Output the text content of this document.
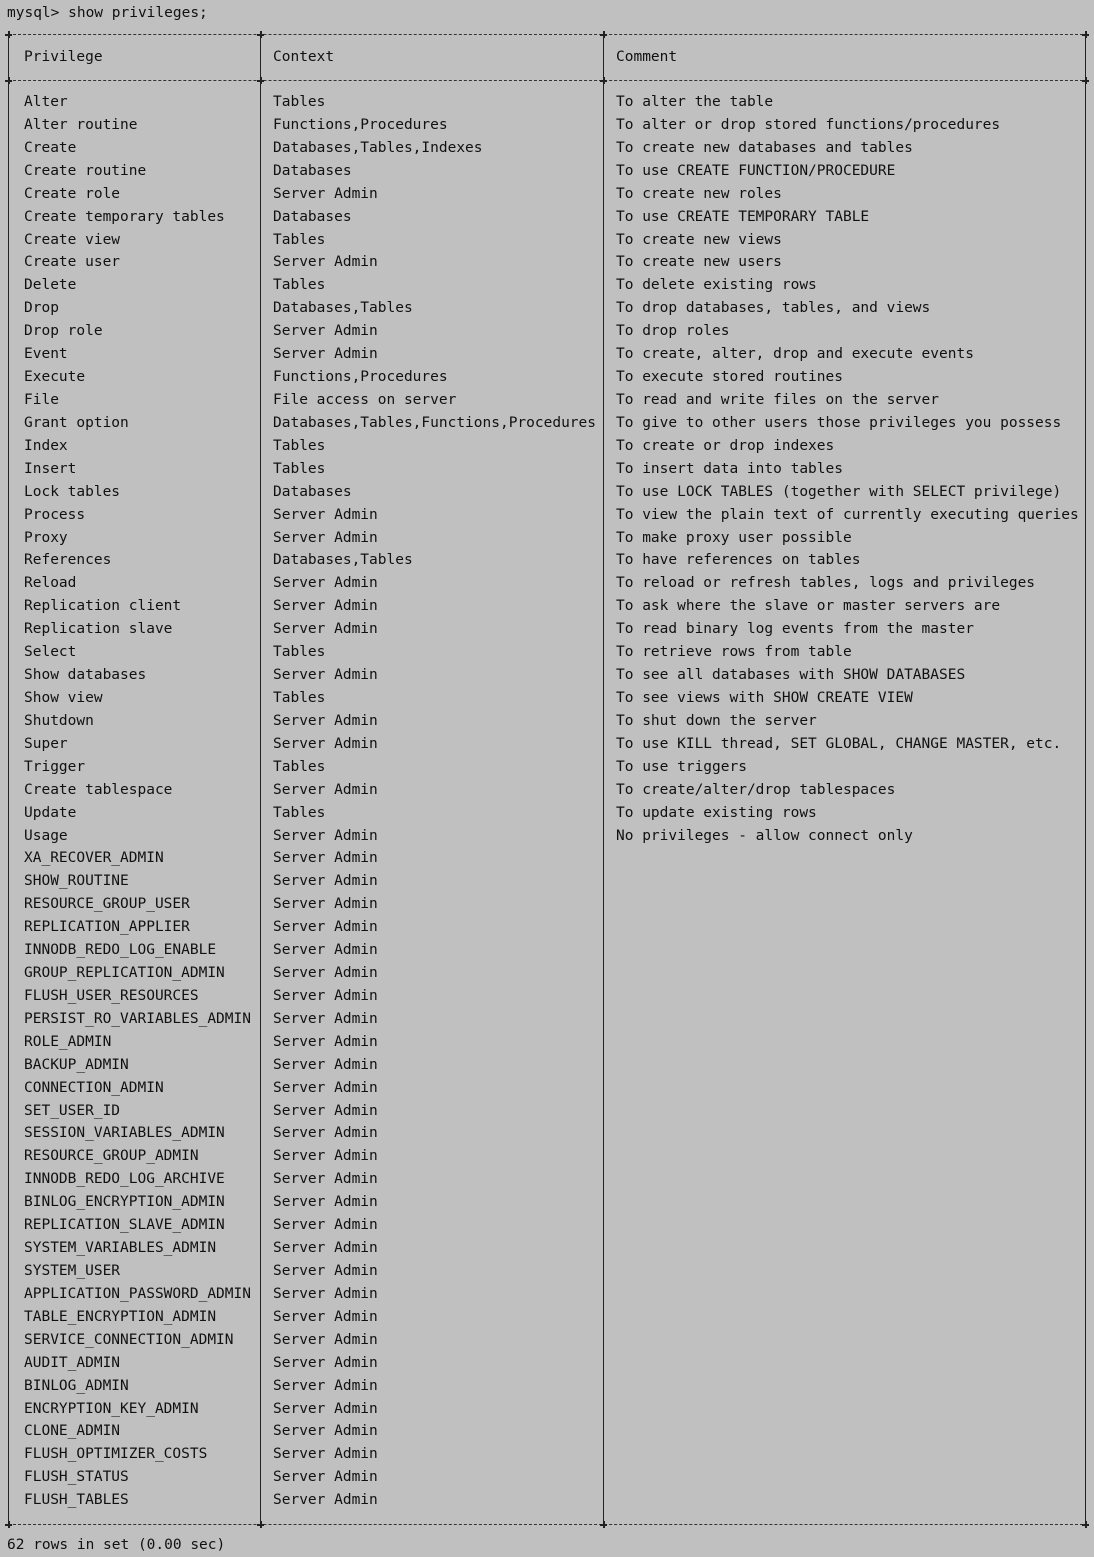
mysql> show privileges;
Privilege	Context	Comment
Alter	Tables	To alter the table
Alter routine	Functions,Procedures	To alter or drop stored functions/procedures
Create	Databases,Tables,Indexes	To create new databases and tables
Create routine	Databases	To use CREATE FUNCTION/PROCEDURE
Create role	Server Admin	To create new roles
Create temporary tables	Databases	To use CREATE TEMPORARY TABLE
Create view	Tables	To create new views
Create user	Server Admin	To create new users
Delete	Tables	To delete existing rows
Drop	Databases,Tables	To drop databases, tables, and views
Drop role	Server Admin	To drop roles
Event	Server Admin	To create, alter, drop and execute events
Execute	Functions,Procedures	To execute stored routines
File	File access on server	To read and write files on the server
Grant option	Databases,Tables,Functions,Procedures To give to other users those privileges you possess
Index	Tables	To create or drop indexes
Insert	Tables	To insert data into tables
Lock tables	Databases	To use LOCK TABLES (together with SELECT privilege)
Process	Server Admin	To view the plain text of currently executing queries
Proxy	Server Admin	To make proxy user possible
References	Databases,Tables	To have references on tables
Reload	Server Admin	To reload or refresh tables, logs and privileges
Replication client	Server Admin	To ask where the slave or master servers are
Replication slave	Server Admin	To read binary log events from the master
Select	Tables	To retrieve rows from table
Show databases	Server Admin	To see all databases with SHOW DATABASES
Show view	Tables	To see views with SHOW CREATE VIEW
Shutdown	Server Admin	To shut down the server
Super	Server Admin	To use KILL thread, SET GLOBAL, CHANGE MASTER, etc.
Trigger	Tables	To use triggers
Create tablespace	Server Admin	To create/alter/drop tablespaces
Update	Tables	To update existing rows
Usage	Server Admin	No privileges - allow connect only
XA_RECOVER_ADMIN	Server Admin
SHOW_ROUTINE	Server Admin
RESOURCE_GROUP_USER	Server Admin
REPLICATION_APPLIER	Server Admin
INNODB_REDO_LOG_ENABLE	Server Admin
GROUP_REPLICATION_ADMIN	Server Admin
FLUSH_USER_RESOURCES	Server Admin
PERSIST_RO_VARIABLES_ADMIN Server Admin
ROLE_ADMIN	Server Admin
BACKUP_ADMIN	Server Admin
CONNECTION_ADMIN	Server Admin
SET_USER_ID	Server Admin
SESSION_VARIABLES_ADMIN	Server Admin
RESOURCE_GROUP_ADMIN	Server Admin
INNODB_REDO_LOG_ARCHIVE	Server Admin
BINLOG_ENCRYPTION_ADMIN	Server Admin
REPLICATION_SLAVE_ADMIN	Server Admin
SYSTEM_VARIABLES_ADMIN	Server Admin
SYSTEM_USER	Server Admin
APPLICATION_PASSWORD_ADMIN Server Admin
TABLE_ENCRYPTION_ADMIN	Server Admin
SERVICE_CONNECTION_ADMIN	Server Admin
AUDIT_ADMIN	Server Admin
BINLOG_ADMIN	Server Admin
ENCRYPTION_KEY_ADMIN	Server Admin
CLONE_ADMIN	Server Admin
FLUSH_OPTIMIZER_COSTS	Server Admin
FLUSH_STATUS	Server Admin
FLUSH_TABLES	Server Admin
62 rows in set (0.00 sec)
